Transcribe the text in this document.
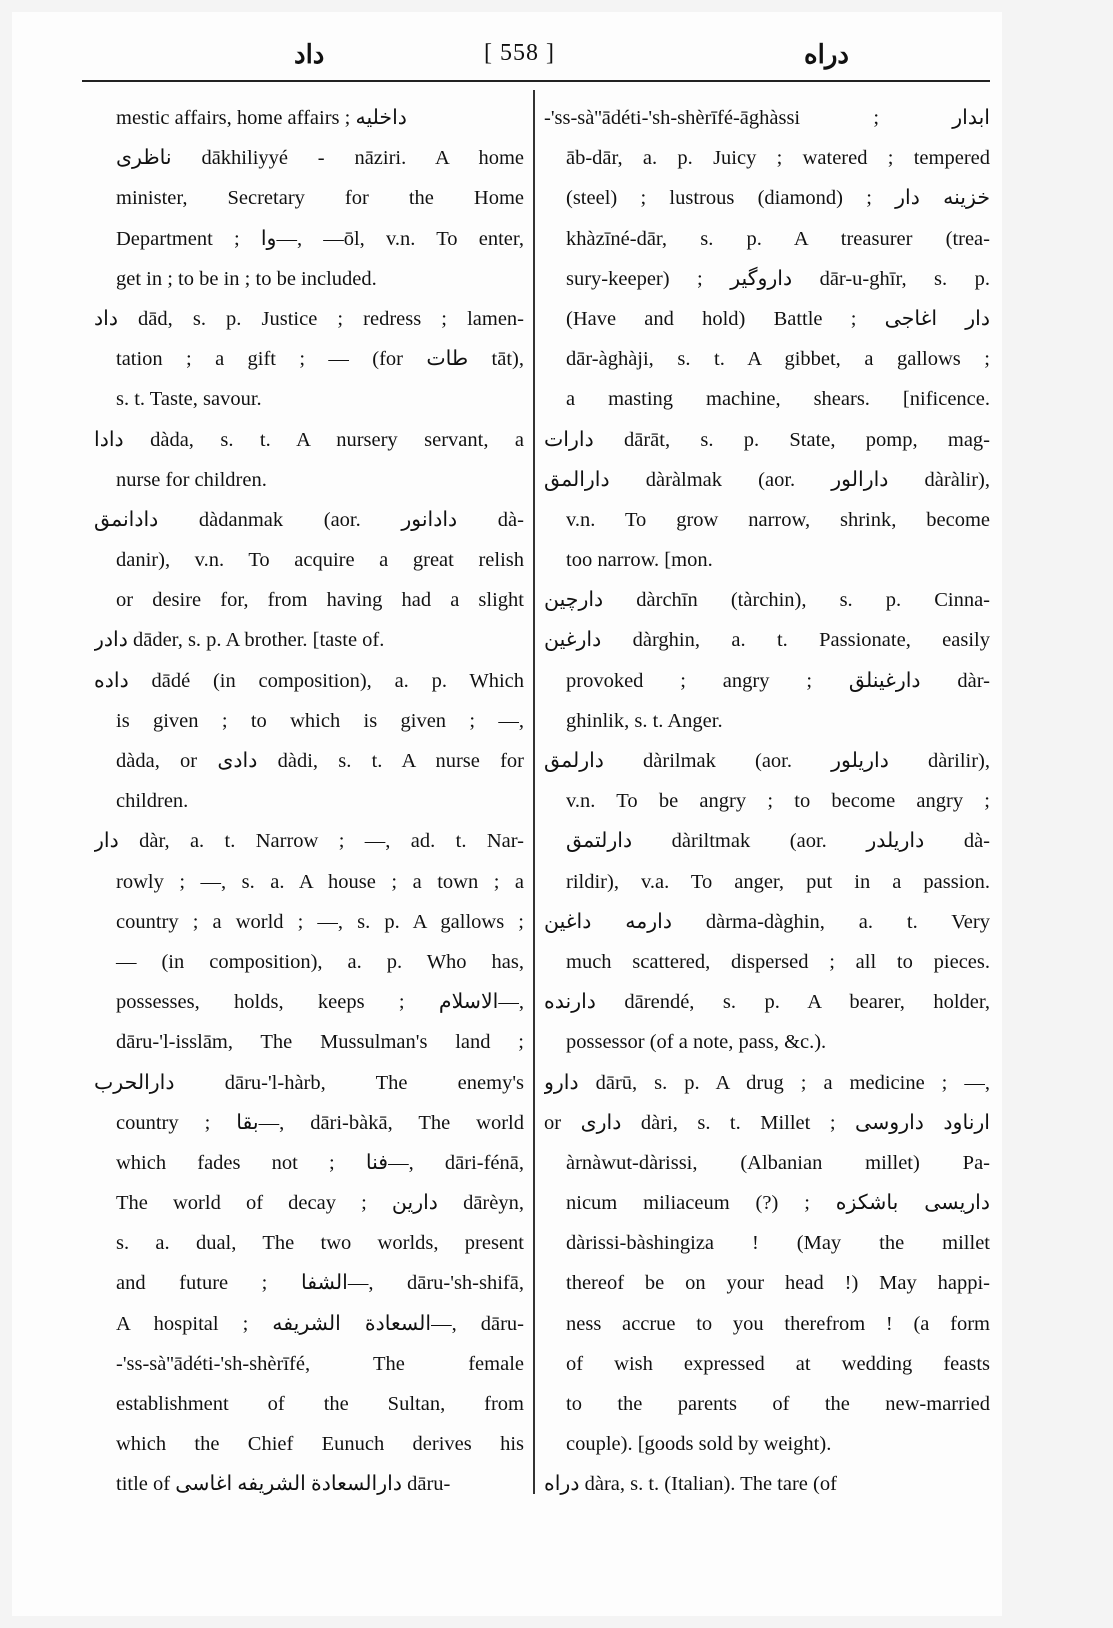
داد	[ 558 ]	دراه
mestic affairs, home affairs ; داخلیه
ناظری dākhiliyyé - nāziri. A home
minister, Secretary for the Home
Department ; وا—, —ōl, v.n. To enter,
get in ; to be in ; to be included.
داد dād, s. p. Justice ; redress ; lamen-
tation ; a gift ; — (for طات tāt),
s. t. Taste, savour.
دادا dàda, s. t. A nursery servant, a
nurse for children.
دادانمق dàdanmak (aor. دادانور dà-
danir), v.n. To acquire a great relish
or desire for, from having had a slight
دادر dāder, s. p. A brother. [taste of.
داده dādé (in composition), a. p. Which
is given ; to which is given ; —,
dàda, or دادی dàdi, s. t. A nurse for
children.
دار dàr, a. t. Narrow ; —, ad. t. Nar-
rowly ; —, s. a. A house ; a town ; a
country ; a world ; —, s. p. A gallows ;
— (in composition), a. p. Who has,
possesses, holds, keeps ; الاسلام—,
dāru-'l-isslām, The Mussulman's land ;
دارالحرب dāru-'l-hàrb, The enemy's
country ; بقا—, dāri-bàkā, The world
which fades not ; فنا—, dāri-fénā,
The world of decay ; دارین dārèyn,
s. a. dual, The two worlds, present
and future ; الشفا—, dāru-'sh-shifā,
A hospital ; السعادة الشریفه—, dāru-
-'ss-sà''ādéti-'sh-shèrīfé, The female
establishment of the Sultan, from
which the Chief Eunuch derives his
title of دارالسعادة الشریفه اغاسی dāru-
-'ss-sà''ādéti-'sh-shèrīfé-āghàssi ; ابدار
āb-dār, a. p. Juicy ; watered ; tempered
(steel) ; lustrous (diamond) ; خزینه دار
khàzīné-dār, s. p. A treasurer (trea-
sury-keeper) ; داروگیر dār-u-ghīr, s. p.
(Have and hold) Battle ; دار اغاجی
dār-àghàji, s. t. A gibbet, a gallows ;
a masting machine, shears. [nificence.
دارات dārāt, s. p. State, pomp, mag-
دارالمق dàràlmak (aor. دارالور dàràlir),
v.n. To grow narrow, shrink, become
too narrow. [mon.
دارچین dàrchīn (tàrchin), s. p. Cinna-
دارغین dàrghin, a. t. Passionate, easily
provoked ; angry ; دارغینلق dàr-
ghinlik, s. t. Anger.
دارلمق dàrilmak (aor. داریلور dàrilir),
v.n. To be angry ; to become angry ;
دارلتمق dàriltmak (aor. داریلدر dà-
rildir), v.a. To anger, put in a passion.
دارمه داغین dàrma-dàghin, a. t. Very
much scattered, dispersed ; all to pieces.
دارنده dārendé, s. p. A bearer, holder,
possessor (of a note, pass, &c.).
دارو dārū, s. p. A drug ; a medicine ; —,
or داری dàri, s. t. Millet ; ارناود داروسی
àrnàwut-dàrissi, (Albanian millet) Pa-
nicum miliaceum (?) ; داریسی باشکزه
dàrissi-bàshingiza ! (May the millet
thereof be on your head !) May happi-
ness accrue to you therefrom ! (a form
of wish expressed at wedding feasts
to the parents of the new-married
couple). [goods sold by weight).
دراه dàra, s. t. (Italian). The tare (of
